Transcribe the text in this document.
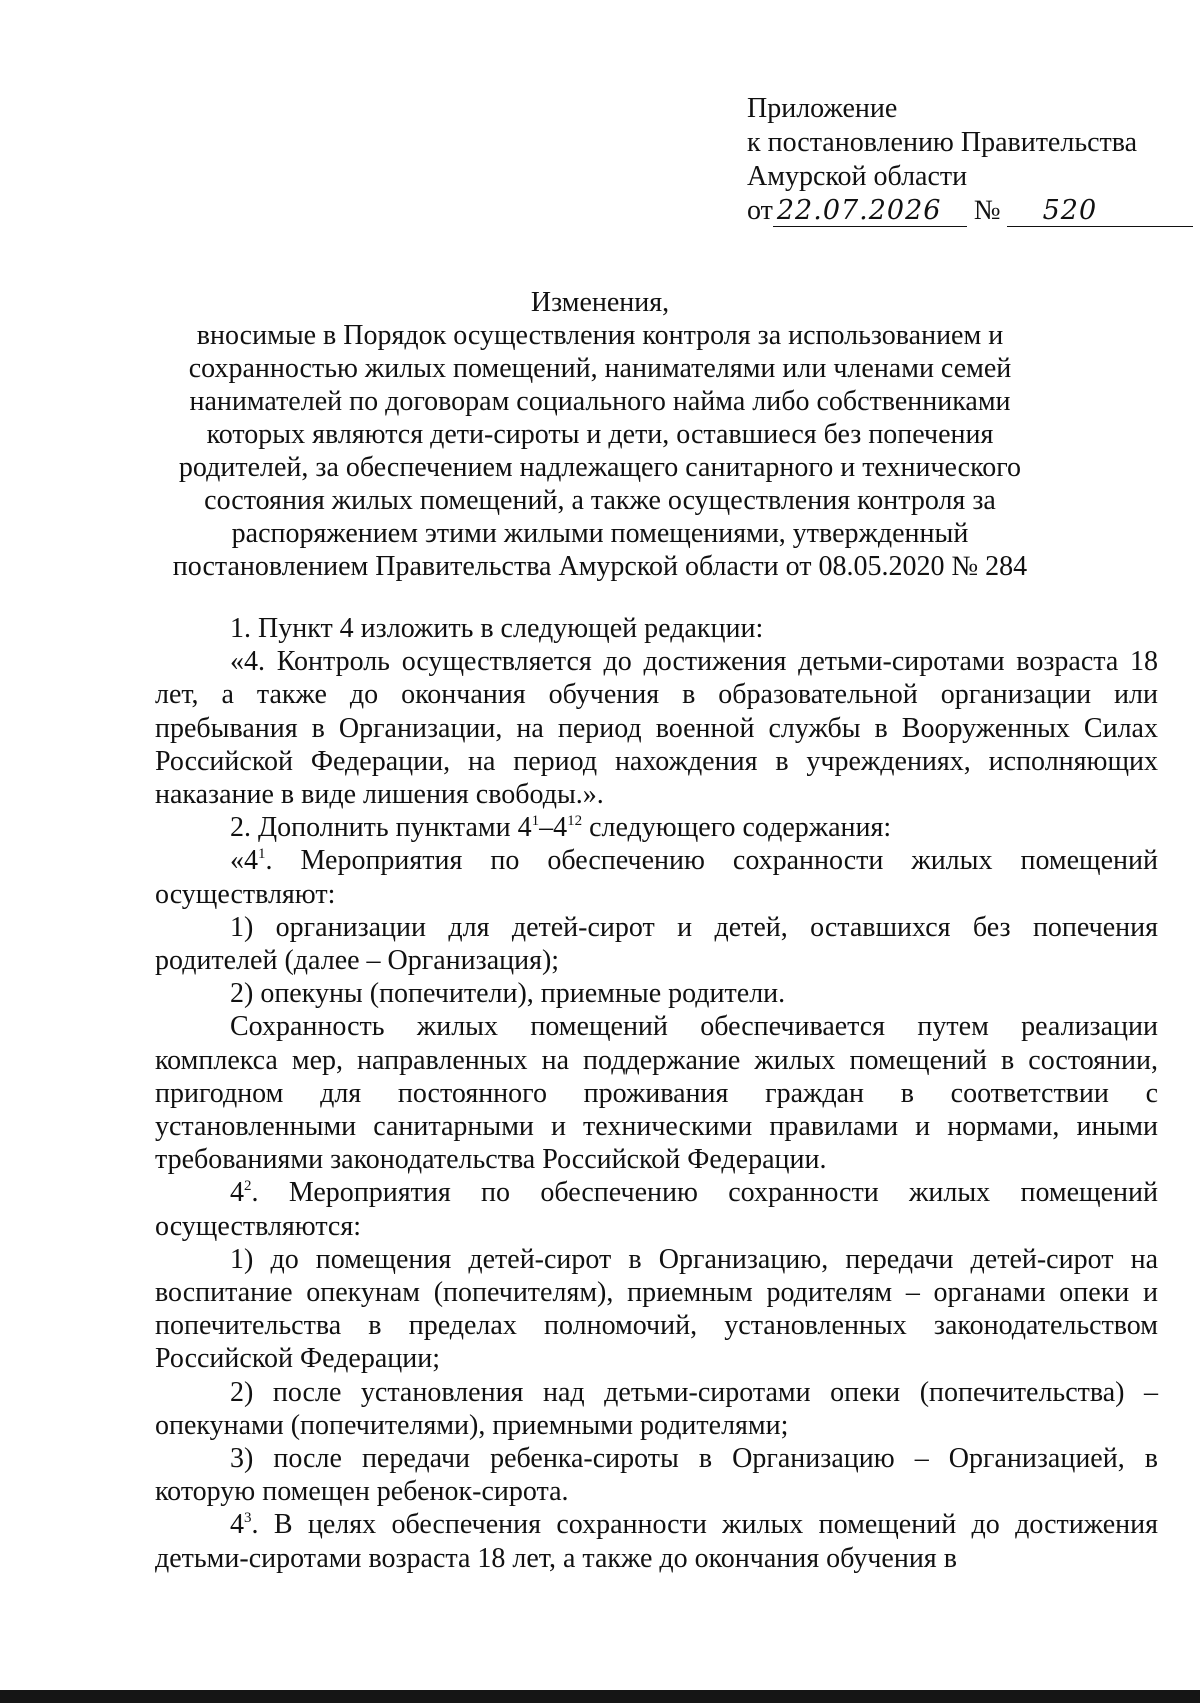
Приложение
к постановлению Правительства
Амурской области
от 22.07.2026 № 520
Изменения,
вносимые в Порядок осуществления контроля за использованием и сохранностью жилых помещений, нанимателями или членами семей нанимателей по договорам социального найма либо собственниками которых являются дети-сироты и дети, оставшиеся без попечения родителей, за обеспечением надлежащего санитарного и технического состояния жилых помещений, а также осуществления контроля за распоряжением этими жилыми помещениями, утвержденный постановлением Правительства Амурской области от 08.05.2020 № 284

1. Пункт 4 изложить в следующей редакции:

«4. Контроль осуществляется до достижения детьми-сиротами возраста 18 лет, а также до окончания обучения в образовательной организации или пребывания в Организации, на период военной службы в Вооруженных Силах Российской Федерации, на период нахождения в учреждениях, исполняющих наказание в виде лишения свободы.».

2. Дополнить пунктами $4^1-4^{12}$ следующего содержания:

«$4^1$. Мероприятия по обеспечению сохранности жилых помещений осуществляют:

1) организации для детей-сирот и детей, оставшихся без попечения родителей (далее – Организация);

2) опекуны (попечители), приемные родители.

Сохранность жилых помещений обеспечивается путем реализации комплекса мер, направленных на поддержание жилых помещений в состоянии, пригодном для постоянного проживания граждан в соответствии с установленными санитарными и техническими правилами и нормами, иными требованиями законодательства Российской Федерации.

$4^2$. Мероприятия по обеспечению сохранности жилых помещений осуществляются:

1) до помещения детей-сирот в Организацию, передачи детей-сирот на воспитание опекунам (попечителям), приемным родителям – органами опеки и попечительства в пределах полномочий, установленных законодательством Российской Федерации;

2) после установления над детьми-сиротами опеки (попечительства) – опекунами (попечителями), приемными родителями;

3) после передачи ребенка-сироты в Организацию – Организацией, в которую помещен ребенок-сирота.

$4^3$. В целях обеспечения сохранности жилых помещений до достижения детьми-сиротами возраста 18 лет, а также до окончания обучения в
